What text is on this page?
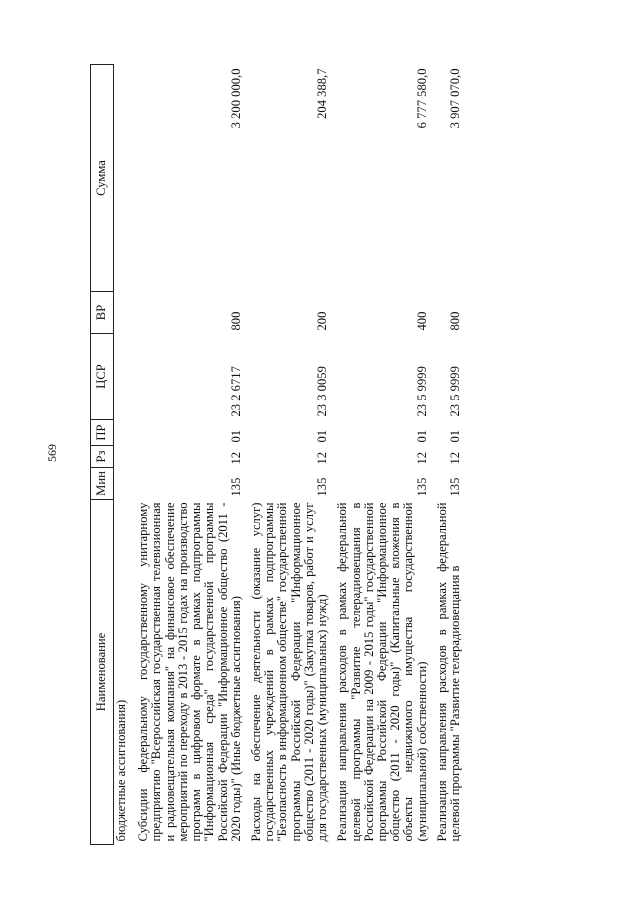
569
Наименование	Мин	Рз	ПР	ЦСР	ВР	Сумма
бюджетные ассигнования)						
Субсидии федеральному государственному унитарному предприятию "Всероссийская государственная телевизионная и радиовещательная компания" на финансовое обеспечение мероприятий по переходу в 2013 - 2015 годах на производство программ в цифровом формате в рамках подпрограммы "Информационная среда" государственной программы Российской Федерации "Информационное общество (2011 - 2020 годы)" (Иные бюджетные ассигнования)	135	12	01	23 2 6717	800	3 200 000,0
Расходы на обеспечение деятельности (оказание услуг) государственных учреждений в рамках подпрограммы "Безопасность в информационном обществе" государственной программы Российской Федерации "Информационное общество (2011 - 2020 годы)" (Закупка товаров, работ и услуг для государственных (муниципальных) нужд)	135	12	01	23 3 0059	200	204 388,7
Реализация направления расходов в рамках федеральной целевой программы "Развитие телерадиовещания в Российской Федерации на 2009 - 2015 годы" государственной программы Российской Федерации "Информационное общество (2011 - 2020 годы)" (Капитальные вложения в объекты недвижимого имущества государственной (муниципальной) собственности)	135	12	01	23 5 9999	400	6 777 580,0
Реализация направления расходов в рамках федеральной целевой программы "Развитие телерадиовещания в	135	12	01	23 5 9999	800	3 907 070,0
